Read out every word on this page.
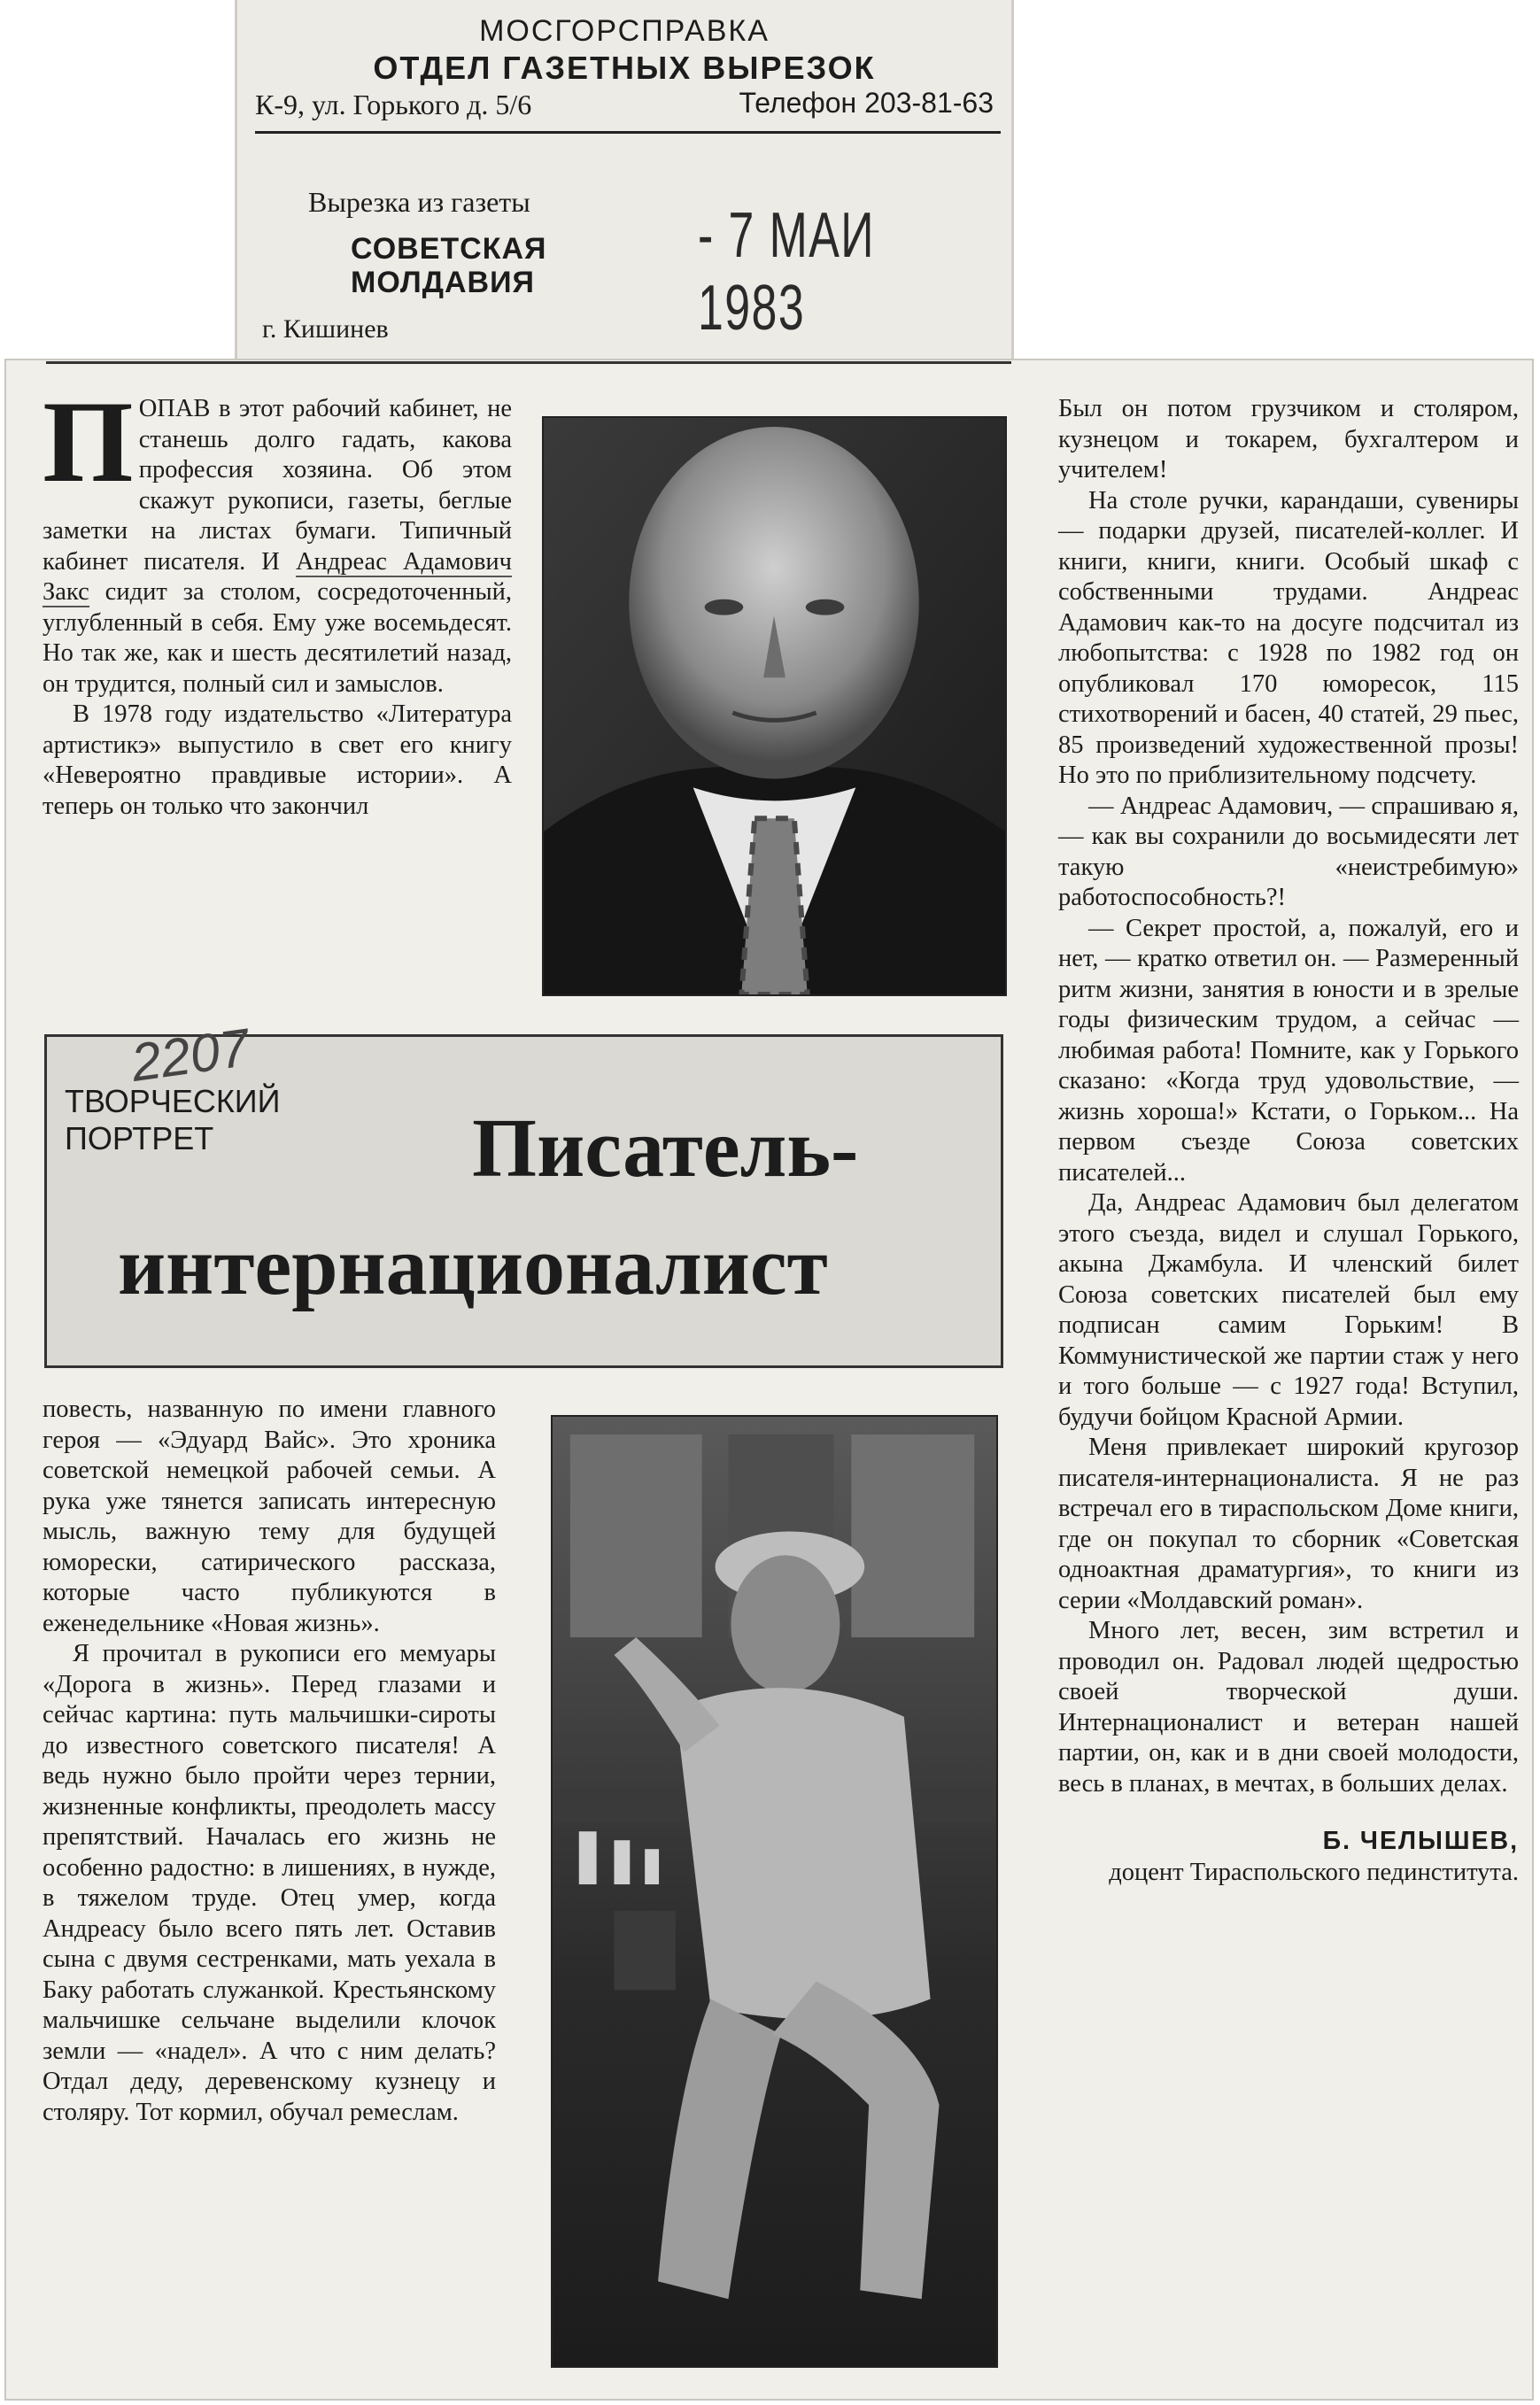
МОСГОРСПРАВКА
ОТДЕЛ ГАЗЕТНЫХ ВЫРЕЗОК
К-9, ул. Горького д. 5/6	Телефон 203-81-63
Вырезка из газеты
СОВЕТСКАЯ
МОЛДАВИЯ
- 7 МАИ 1983
г. Кишинев

ПОПАВ в этот рабочий кабинет, не станешь долго гадать, какова профессия хозяина. Об этом скажут рукописи, газеты, беглые заметки на листах бумаги. Типичный кабинет писателя. И Андреас Адамович Закс сидит за столом, сосредоточенный, углубленный в себя. Ему уже восемьдесят. Но так же, как и шесть десятилетий назад, он трудится, полный сил и замыслов.

В 1978 году издательство «Литература артистикэ» выпустило в свет его книгу «Невероятно правдивые истории». А теперь он только что закончил

2207
ТВОРЧЕСКИЙ
ПОРТРЕТ	Писатель-
интернационалист

повесть, названную по имени главного героя — «Эдуард Вайс». Это хроника советской немецкой рабочей семьи. А рука уже тянется записать интересную мысль, важную тему для будущей юморески, сатирического рассказа, которые часто публикуются в еженедельнике «Новая жизнь».

Я прочитал в рукописи его мемуары «Дорога в жизнь». Перед глазами и сейчас картина: путь мальчишки-сироты до известного советского писателя! А ведь нужно было пройти через тернии, жизненные конфликты, преодолеть массу препятствий. Началась его жизнь не особенно радостно: в лишениях, в нужде, в тяжелом труде. Отец умер, когда Андреасу было всего пять лет. Оставив сына с двумя сестренками, мать уехала в Баку работать служанкой. Крестьянскому мальчишке сельчане выделили клочок земли — «надел». А что с ним делать? Отдал деду, деревенскому кузнецу и столяру. Тот кормил, обучал ремеслам.

Был он потом грузчиком и столяром, кузнецом и токарем, бухгалтером и учителем!

На столе ручки, карандаши, сувениры — подарки друзей, писателей-коллег. И книги, книги, книги. Особый шкаф с собственными трудами. Андреас Адамович как-то на досуге подсчитал из любопытства: с 1928 по 1982 год он опубликовал 170 юморесок, 115 стихотворений и басен, 40 статей, 29 пьес, 85 произведений художественной прозы! Но это по приблизительному подсчету.

— Андреас Адамович, — спрашиваю я, — как вы сохранили до восьмидесяти лет такую «неистребимую» работоспособность?!

— Секрет простой, а, пожалуй, его и нет, — кратко ответил он. — Размеренный ритм жизни, занятия в юности и в зрелые годы физическим трудом, а сейчас — любимая работа! Помните, как у Горького сказано: «Когда труд удовольствие, — жизнь хороша!» Кстати, о Горьком... На первом съезде Союза советских писателей...

Да, Андреас Адамович был делегатом этого съезда, видел и слушал Горького, акына Джамбула. И членский билет Союза советских писателей был ему подписан самим Горьким! В Коммунистической же партии стаж у него и того больше — с 1927 года! Вступил, будучи бойцом Красной Армии.

Меня привлекает широкий кругозор писателя-интернационалиста. Я не раз встречал его в тираспольском Доме книги, где он покупал то сборник «Советская одноактная драматургия», то книги из серии «Молдавский роман».

Много лет, весен, зим встретил и проводил он. Радовал людей щедростью своей творческой души. Интернационалист и ветеран нашей партии, он, как и в дни своей молодости, весь в планах, в мечтах, в больших делах.

Б. ЧЕЛЫШЕВ,
доцент Тираспольского пединститута.
